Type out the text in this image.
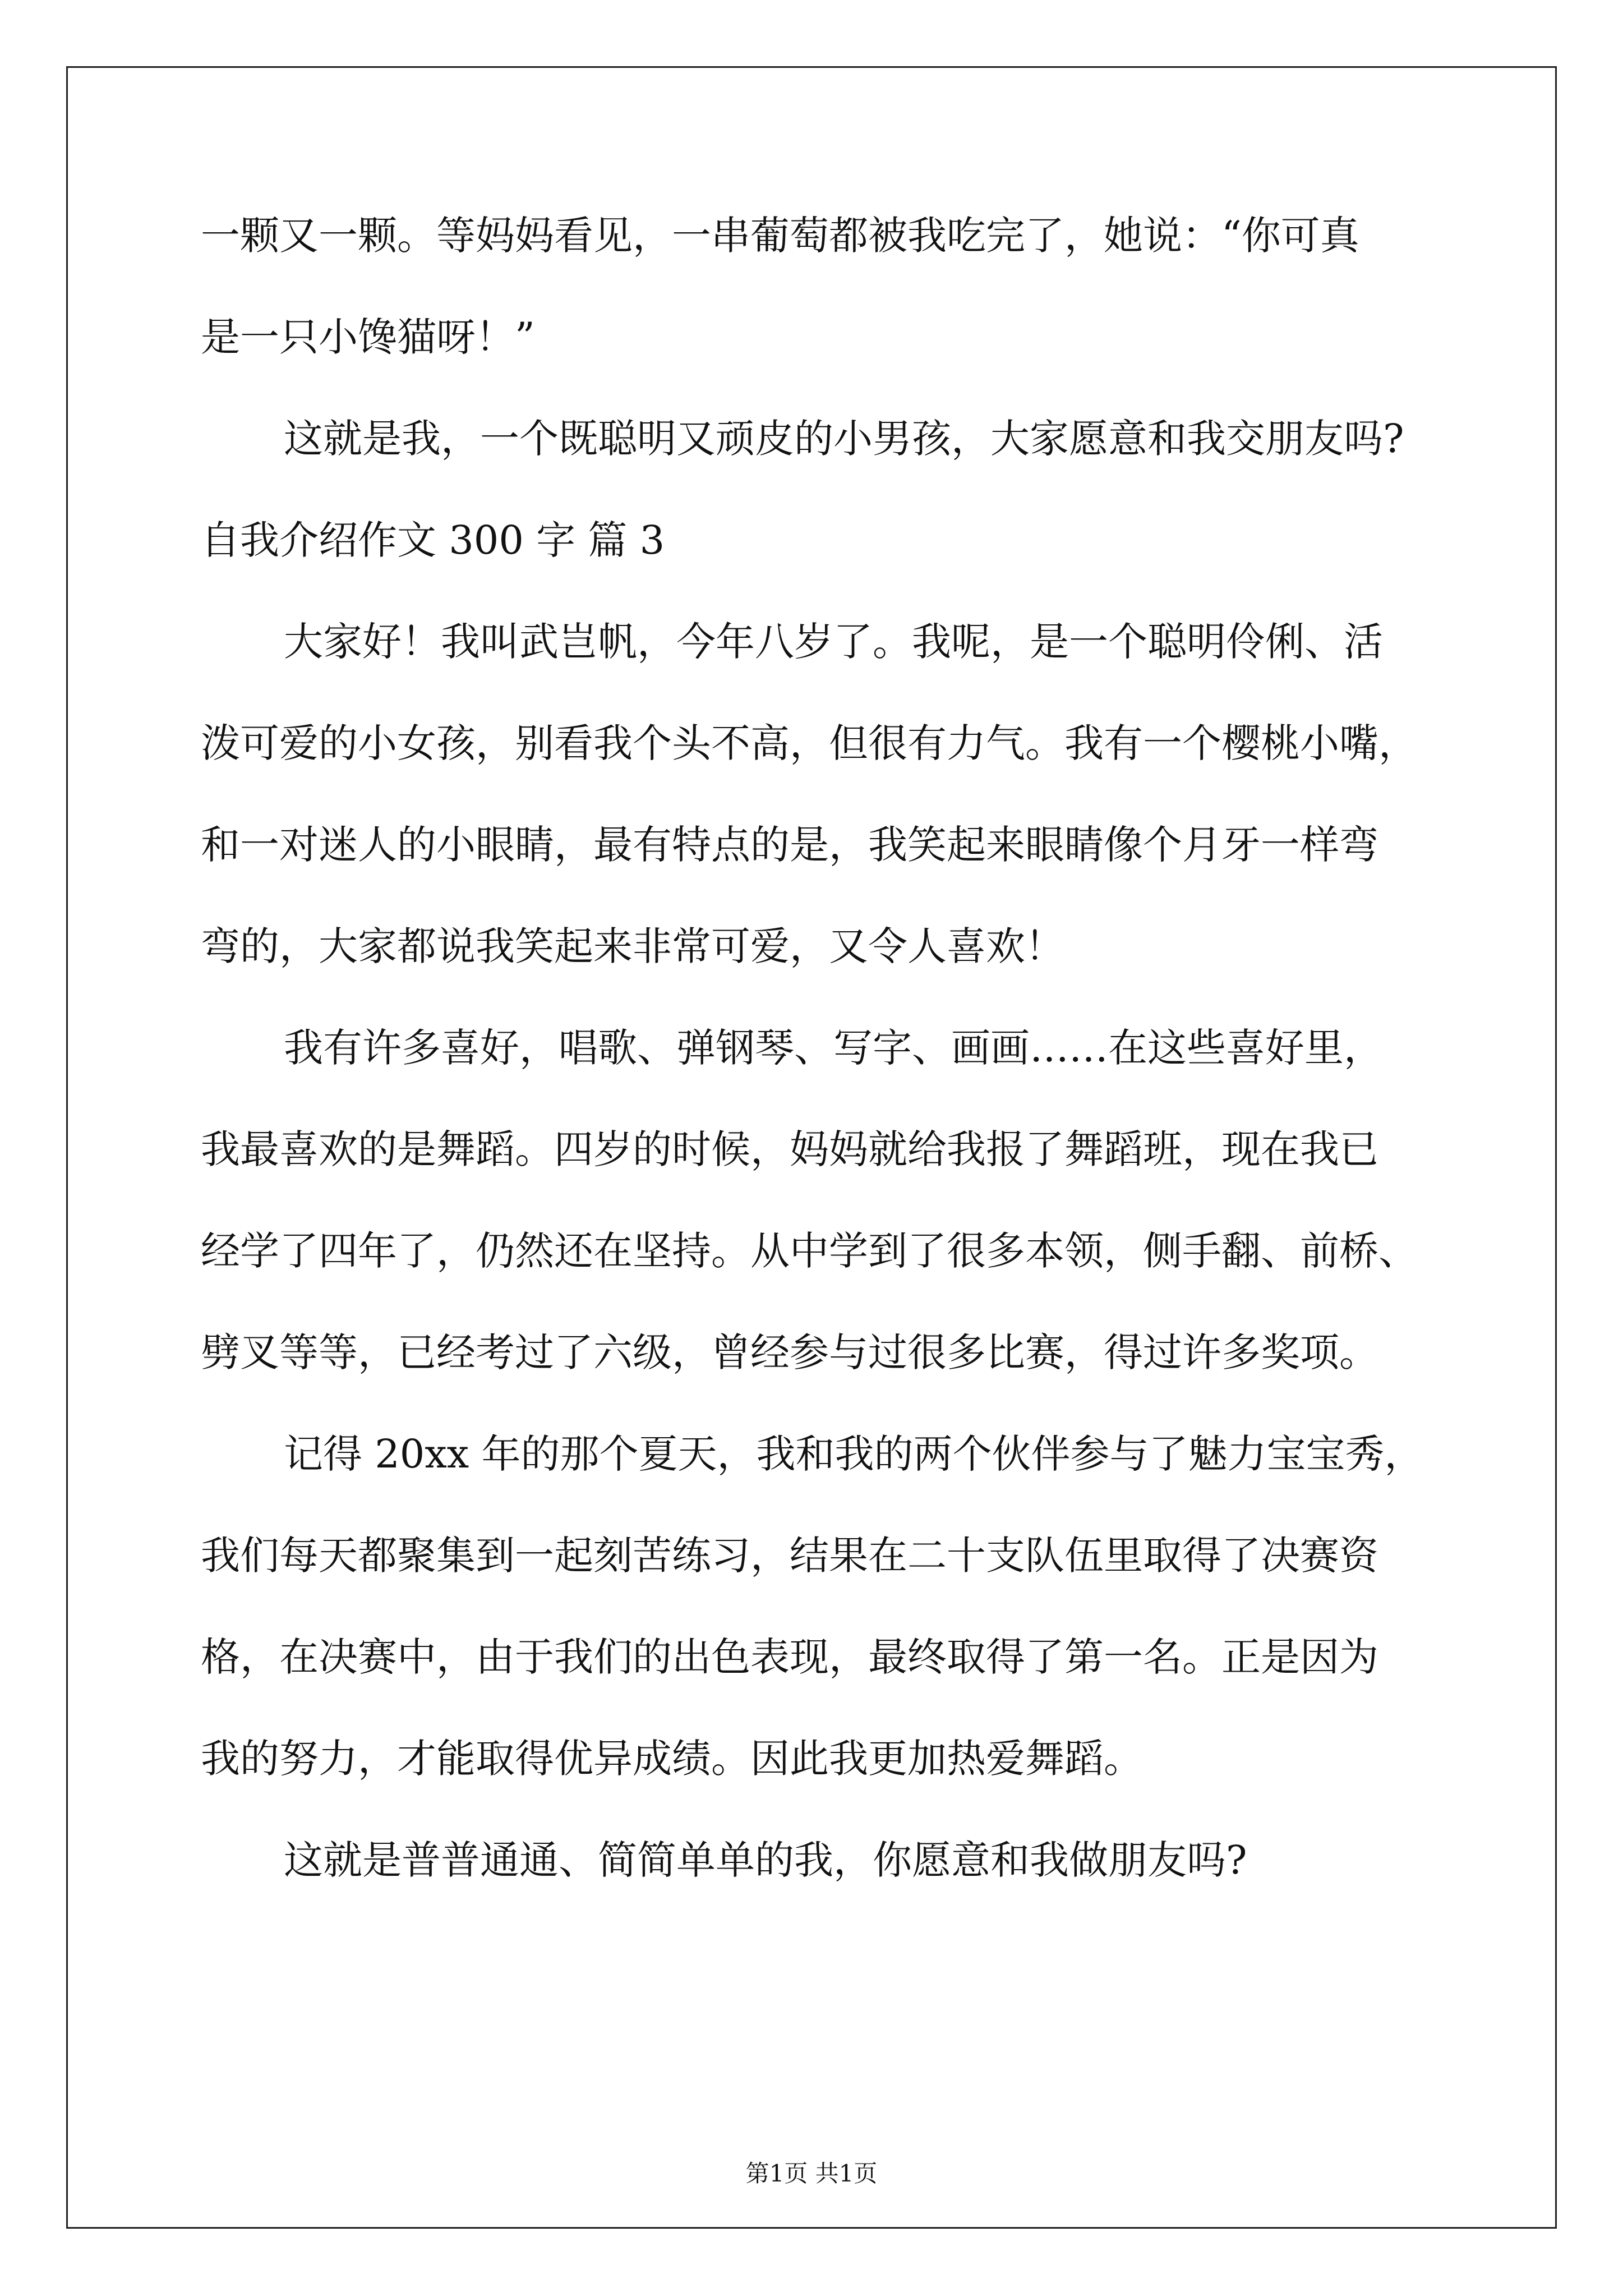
一颗又一颗。等妈妈看见，一串葡萄都被我吃完了，她说：“你可真
是一只小馋猫呀！”
这就是我，一个既聪明又顽皮的小男孩，大家愿意和我交朋友吗?
自我介绍作文 300 字 篇 3
大家好！我叫武岂帆，今年八岁了。我呢，是一个聪明伶俐、活
泼可爱的小女孩，别看我个头不高，但很有力气。我有一个樱桃小嘴，
和一对迷人的小眼睛，最有特点的是，我笑起来眼睛像个月牙一样弯
弯的，大家都说我笑起来非常可爱，又令人喜欢！
我有许多喜好，唱歌、弹钢琴、写字、画画……在这些喜好里，
我最喜欢的是舞蹈。四岁的时候，妈妈就给我报了舞蹈班，现在我已
经学了四年了，仍然还在坚持。从中学到了很多本领，侧手翻、前桥、
劈叉等等，已经考过了六级，曾经参与过很多比赛，得过许多奖项。
记得 20xx 年的那个夏天，我和我的两个伙伴参与了魅力宝宝秀，
我们每天都聚集到一起刻苦练习，结果在二十支队伍里取得了决赛资
格，在决赛中，由于我们的出色表现，最终取得了第一名。正是因为
我的努力，才能取得优异成绩。因此我更加热爱舞蹈。
这就是普普通通、简简单单的我，你愿意和我做朋友吗?
第1页 共1页
